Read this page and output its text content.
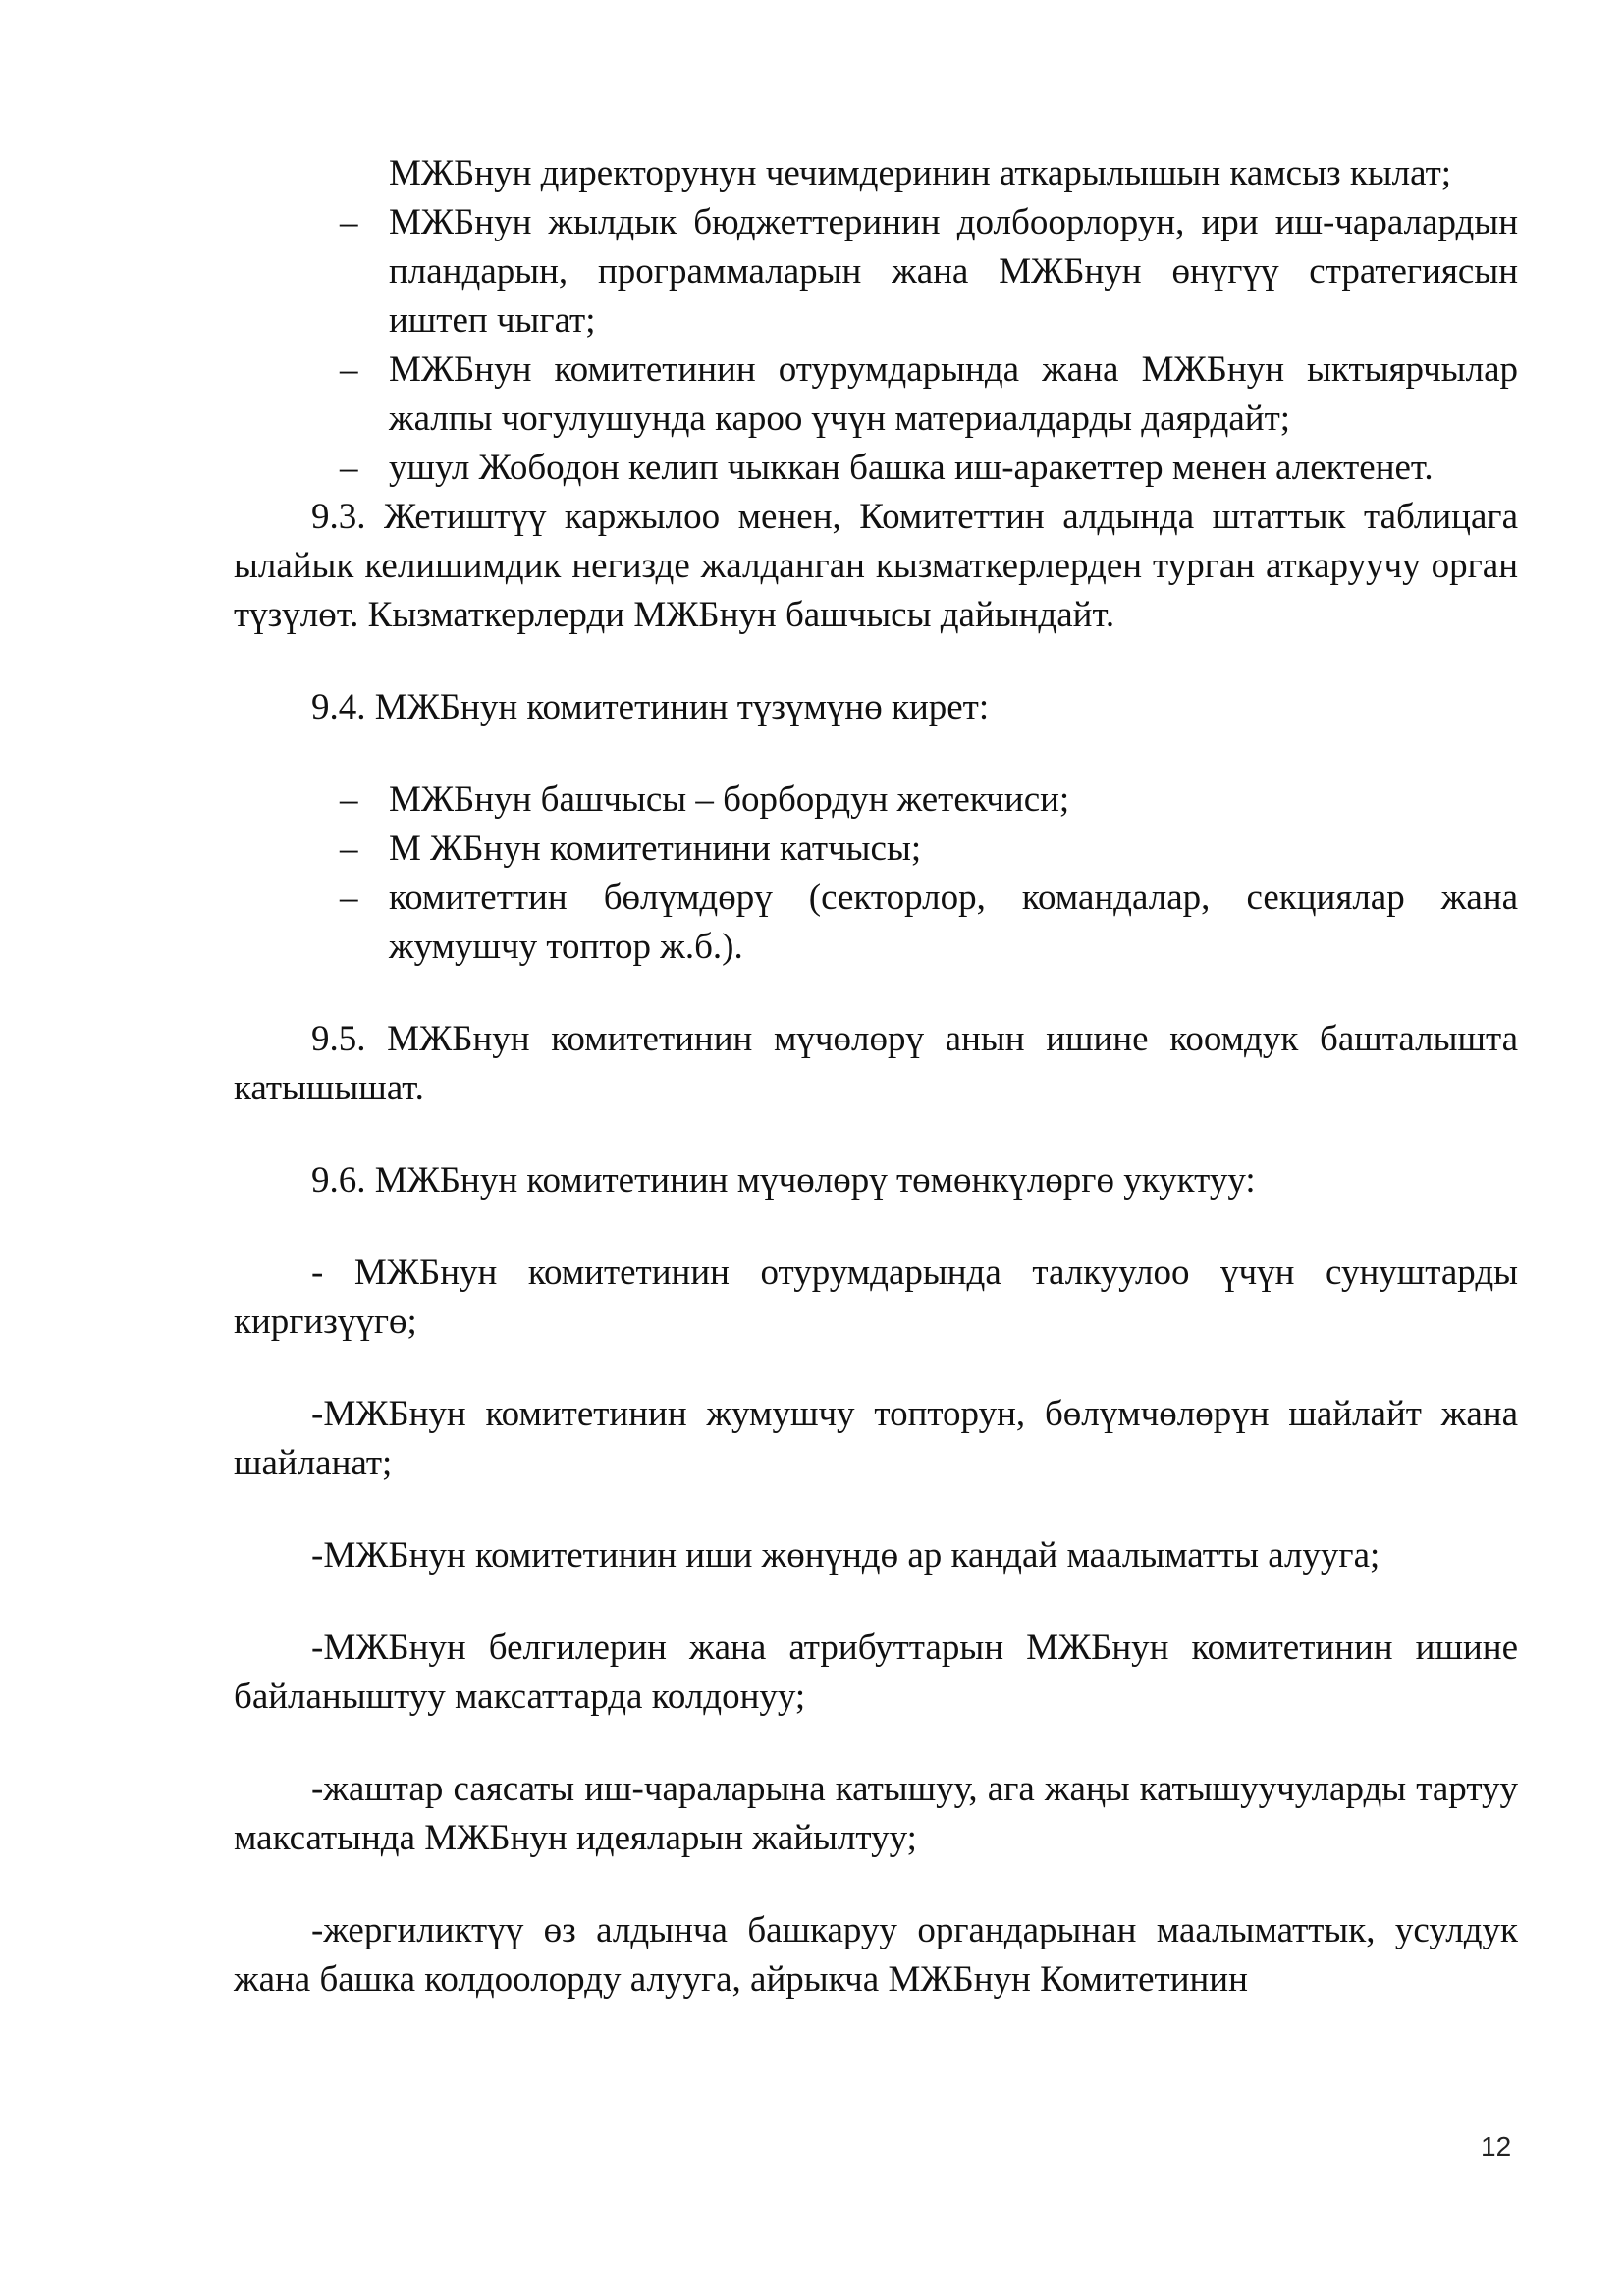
МЖБнун директорунун чечимдеринин аткарылышын камсыз кылат;

‒ МЖБнун жылдык бюджеттеринин долбоорлорун, ири иш-чаралардын пландарын, программаларын жана МЖБнун өнүгүү стратегиясын иштеп чыгат;

‒ МЖБнун комитетинин отурумдарында жана МЖБнун ыктыярчылар жалпы чогулушунда кароо үчүн материалдарды даярдайт;

‒ ушул Жободон келип чыккан башка иш-аракеттер менен алектенет.

9.3. Жетиштүү каржылоо менен, Комитеттин алдында штаттык таблицага ылайык келишимдик негизде жалданган кызматкерлерден турган аткаруучу орган түзүлөт. Кызматкерлерди МЖБнун башчысы дайындайт.

9.4. МЖБнун комитетинин түзүмүнө кирет:

– МЖБнун башчысы – борбордун жетекчиси;

– М ЖБнун комитетинини катчысы;

– комитеттин бөлүмдөрү (секторлор, командалар, секциялар жана жумушчу топтор ж.б.).

9.5. МЖБнун комитетинин мүчөлөрү анын ишине коомдук башталышта катышышат.

9.6. МЖБнун комитетинин мүчөлөрү төмөнкүлөргө укуктуу:

- МЖБнун комитетинин отурумдарында талкуулоо үчүн сунуштарды киргизүүгө;

-МЖБнун комитетинин жумушчу топторун, бөлүмчөлөрүн шайлайт жана шайланат;

-МЖБнун комитетинин иши жөнүндө ар кандай маалыматты алууга;

-МЖБнун белгилерин жана атрибуттарын МЖБнун комитетинин ишине байланыштуу максаттарда колдонуу;

-жаштар саясаты иш-чараларына катышуу, ага жаңы катышуучуларды тартуу максатында МЖБнун идеяларын жайылтуу;

-жергиликтүү өз алдынча башкаруу органдарынан маалыматтык, усулдук жана башка колдоолорду алууга, айрыкча МЖБнун Комитетинин

12
